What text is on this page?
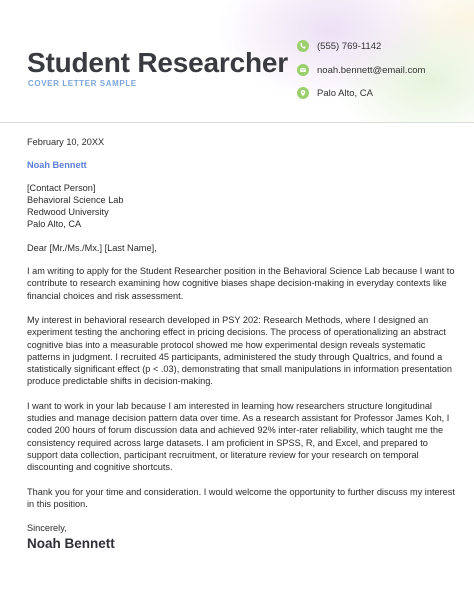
Student Researcher
COVER LETTER SAMPLE
(555) 769-1142
noah.bennett@email.com
Palo Alto, CA

February 10, 20XX

Noah Bennett

[Contact Person]

Behavioral Science Lab

Redwood University

Palo Alto, CA

Dear [Mr./Ms./Mx.] [Last Name],

I am writing to apply for the Student Researcher position in the Behavioral Science Lab because I want to contribute to research examining how cognitive biases shape decision-making in everyday contexts like financial choices and risk assessment.

My interest in behavioral research developed in PSY 202: Research Methods, where I designed an experiment testing the anchoring effect in pricing decisions. The process of operationalizing an abstract cognitive bias into a measurable protocol showed me how experimental design reveals systematic patterns in judgment. I recruited 45 participants, administered the study through Qualtrics, and found a statistically significant effect (p < .03), demonstrating that small manipulations in information presentation produce predictable shifts in decision-making.

I want to work in your lab because I am interested in learning how researchers structure longitudinal studies and manage decision pattern data over time. As a research assistant for Professor James Koh, I coded 200 hours of forum discussion data and achieved 92% inter-rater reliability, which taught me the consistency required across large datasets. I am proficient in SPSS, R, and Excel, and prepared to support data collection, participant recruitment, or literature review for your research on temporal discounting and cognitive shortcuts.

Thank you for your time and consideration. I would welcome the opportunity to further discuss my interest in this position.

Sincerely,

Noah Bennett
